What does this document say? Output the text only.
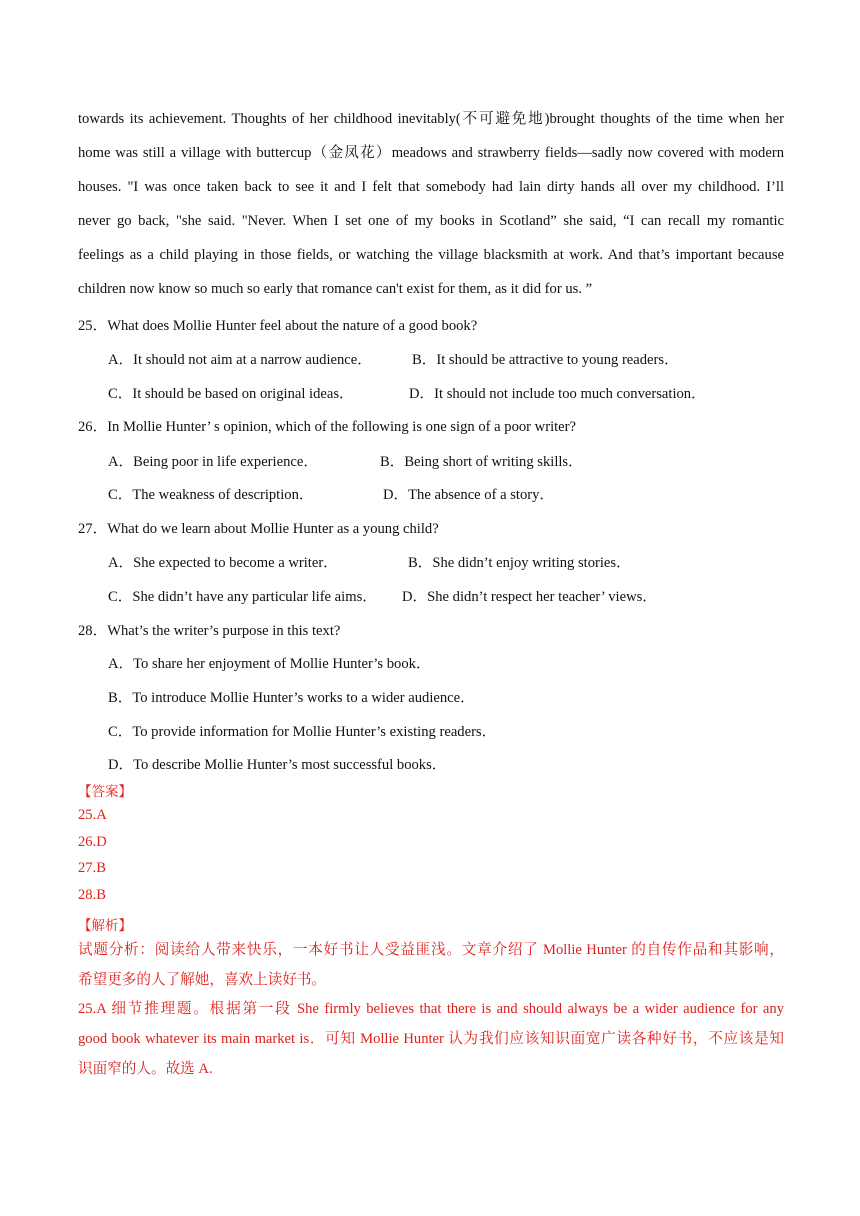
towards its achievement. Thoughts of her childhood inevitably(不可避免地)brought thoughts of the time when her
home was still a village with buttercup（金凤花）meadows and strawberry fields—sadly now covered with modern
houses. "I was once taken back to see it and I felt that somebody had lain dirty hands all over my childhood. I’ll
never go back, "she said. "Never. When I set one of my books in Scotland” she said, “I can recall my romantic
feelings as a child playing in those fields, or watching the village blacksmith at work. And that’s important because
children now know so much so early that romance can't exist for them, as it did for us. ”
25．What does Mollie Hunter feel about the nature of a good book?
A．It should not aim at a narrow audience．	B．It should be attractive to young readers．
C．It should be based on original ideas．	D．It should not include too much conversation．
26．In Mollie Hunter’ s opinion, which of the following is one sign of a poor writer?
A．Being poor in life experience．	B．Being short of writing skills．
C．The weakness of description．	D．The absence of a story．
27．What do we learn about Mollie Hunter as a young child?
A．She expected to become a writer．	B．She didn’t enjoy writing stories．
C．She didn’t have any particular life aims． D．She didn’t respect her teacher’ views．
28．What’s the writer’s purpose in this text?
A．To share her enjoyment of Mollie Hunter’s book．
B．To introduce Mollie Hunter’s works to a wider audience．
C．To provide information for Mollie Hunter’s existing readers．
D．To describe Mollie Hunter’s most successful books．
【答案】
25.A
26.D
27.B
28.B
【解析】
试题分析：阅读给人带来快乐，一本好书让人受益匪浅。文章介绍了 Mollie Hunter 的自传作品和其影响，
希望更多的人了解她，喜欢上读好书。
25.A 细节推理题。根据第一段 She firmly believes that there is and should always be a wider audience for any
good book whatever its main market is．可知 Mollie Hunter 认为我们应该知识面宽广读各种好书，不应该是知
识面窄的人。故选 A.
